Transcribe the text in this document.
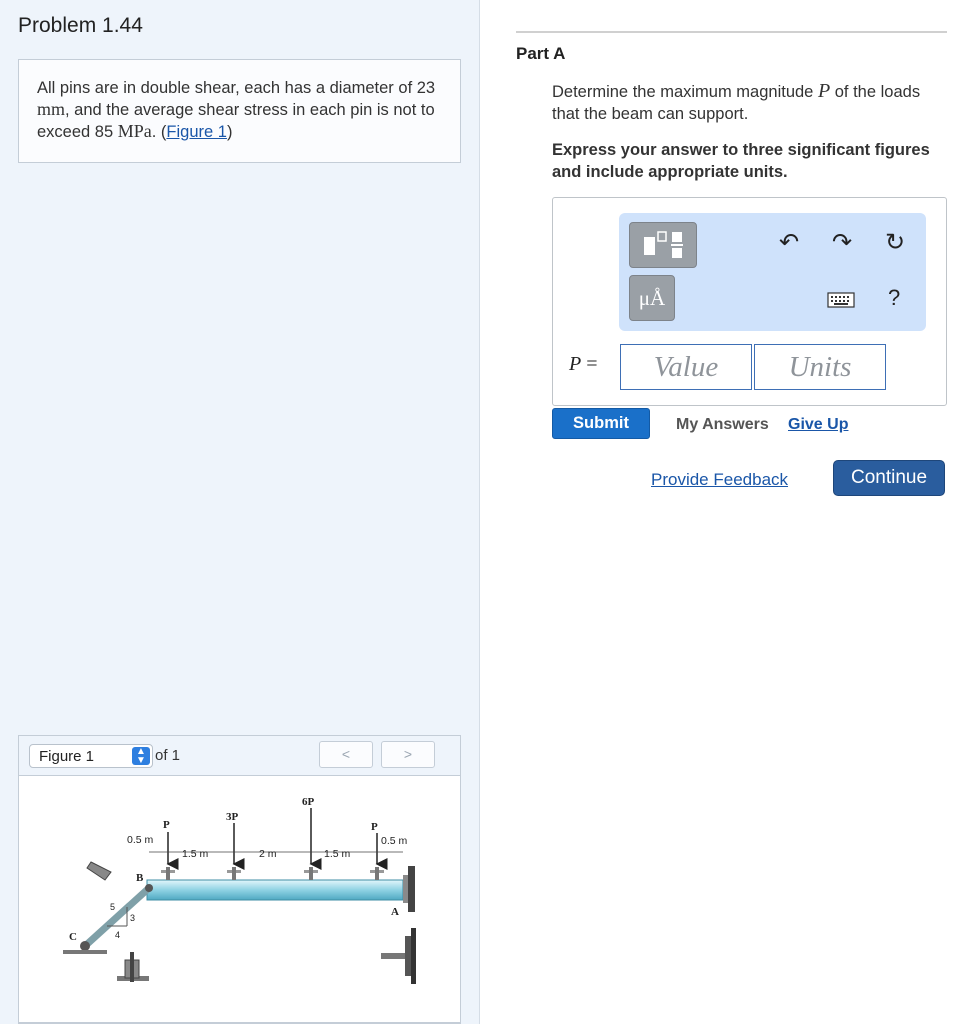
Problem 1.44
All pins are in double shear, each has a diameter of 23 mm, and the average shear stress in each pin is not to exceed 85 MPa. (Figure 1)
Figure 1	▲
▼ of 1	<	>
P
3P
6P
P
0.5 m
1.5 m	2 m	1.5 m
0.5 m
A
B
C
5
4
3
Part A
Determine the maximum magnitude P of the loads that the beam can support.
Express your answer to three significant figures and include appropriate units.
μÅ
↶ ↷ ↻
?
P =	Value	Units
Submit	My Answers Give Up
Provide Feedback	Continue
